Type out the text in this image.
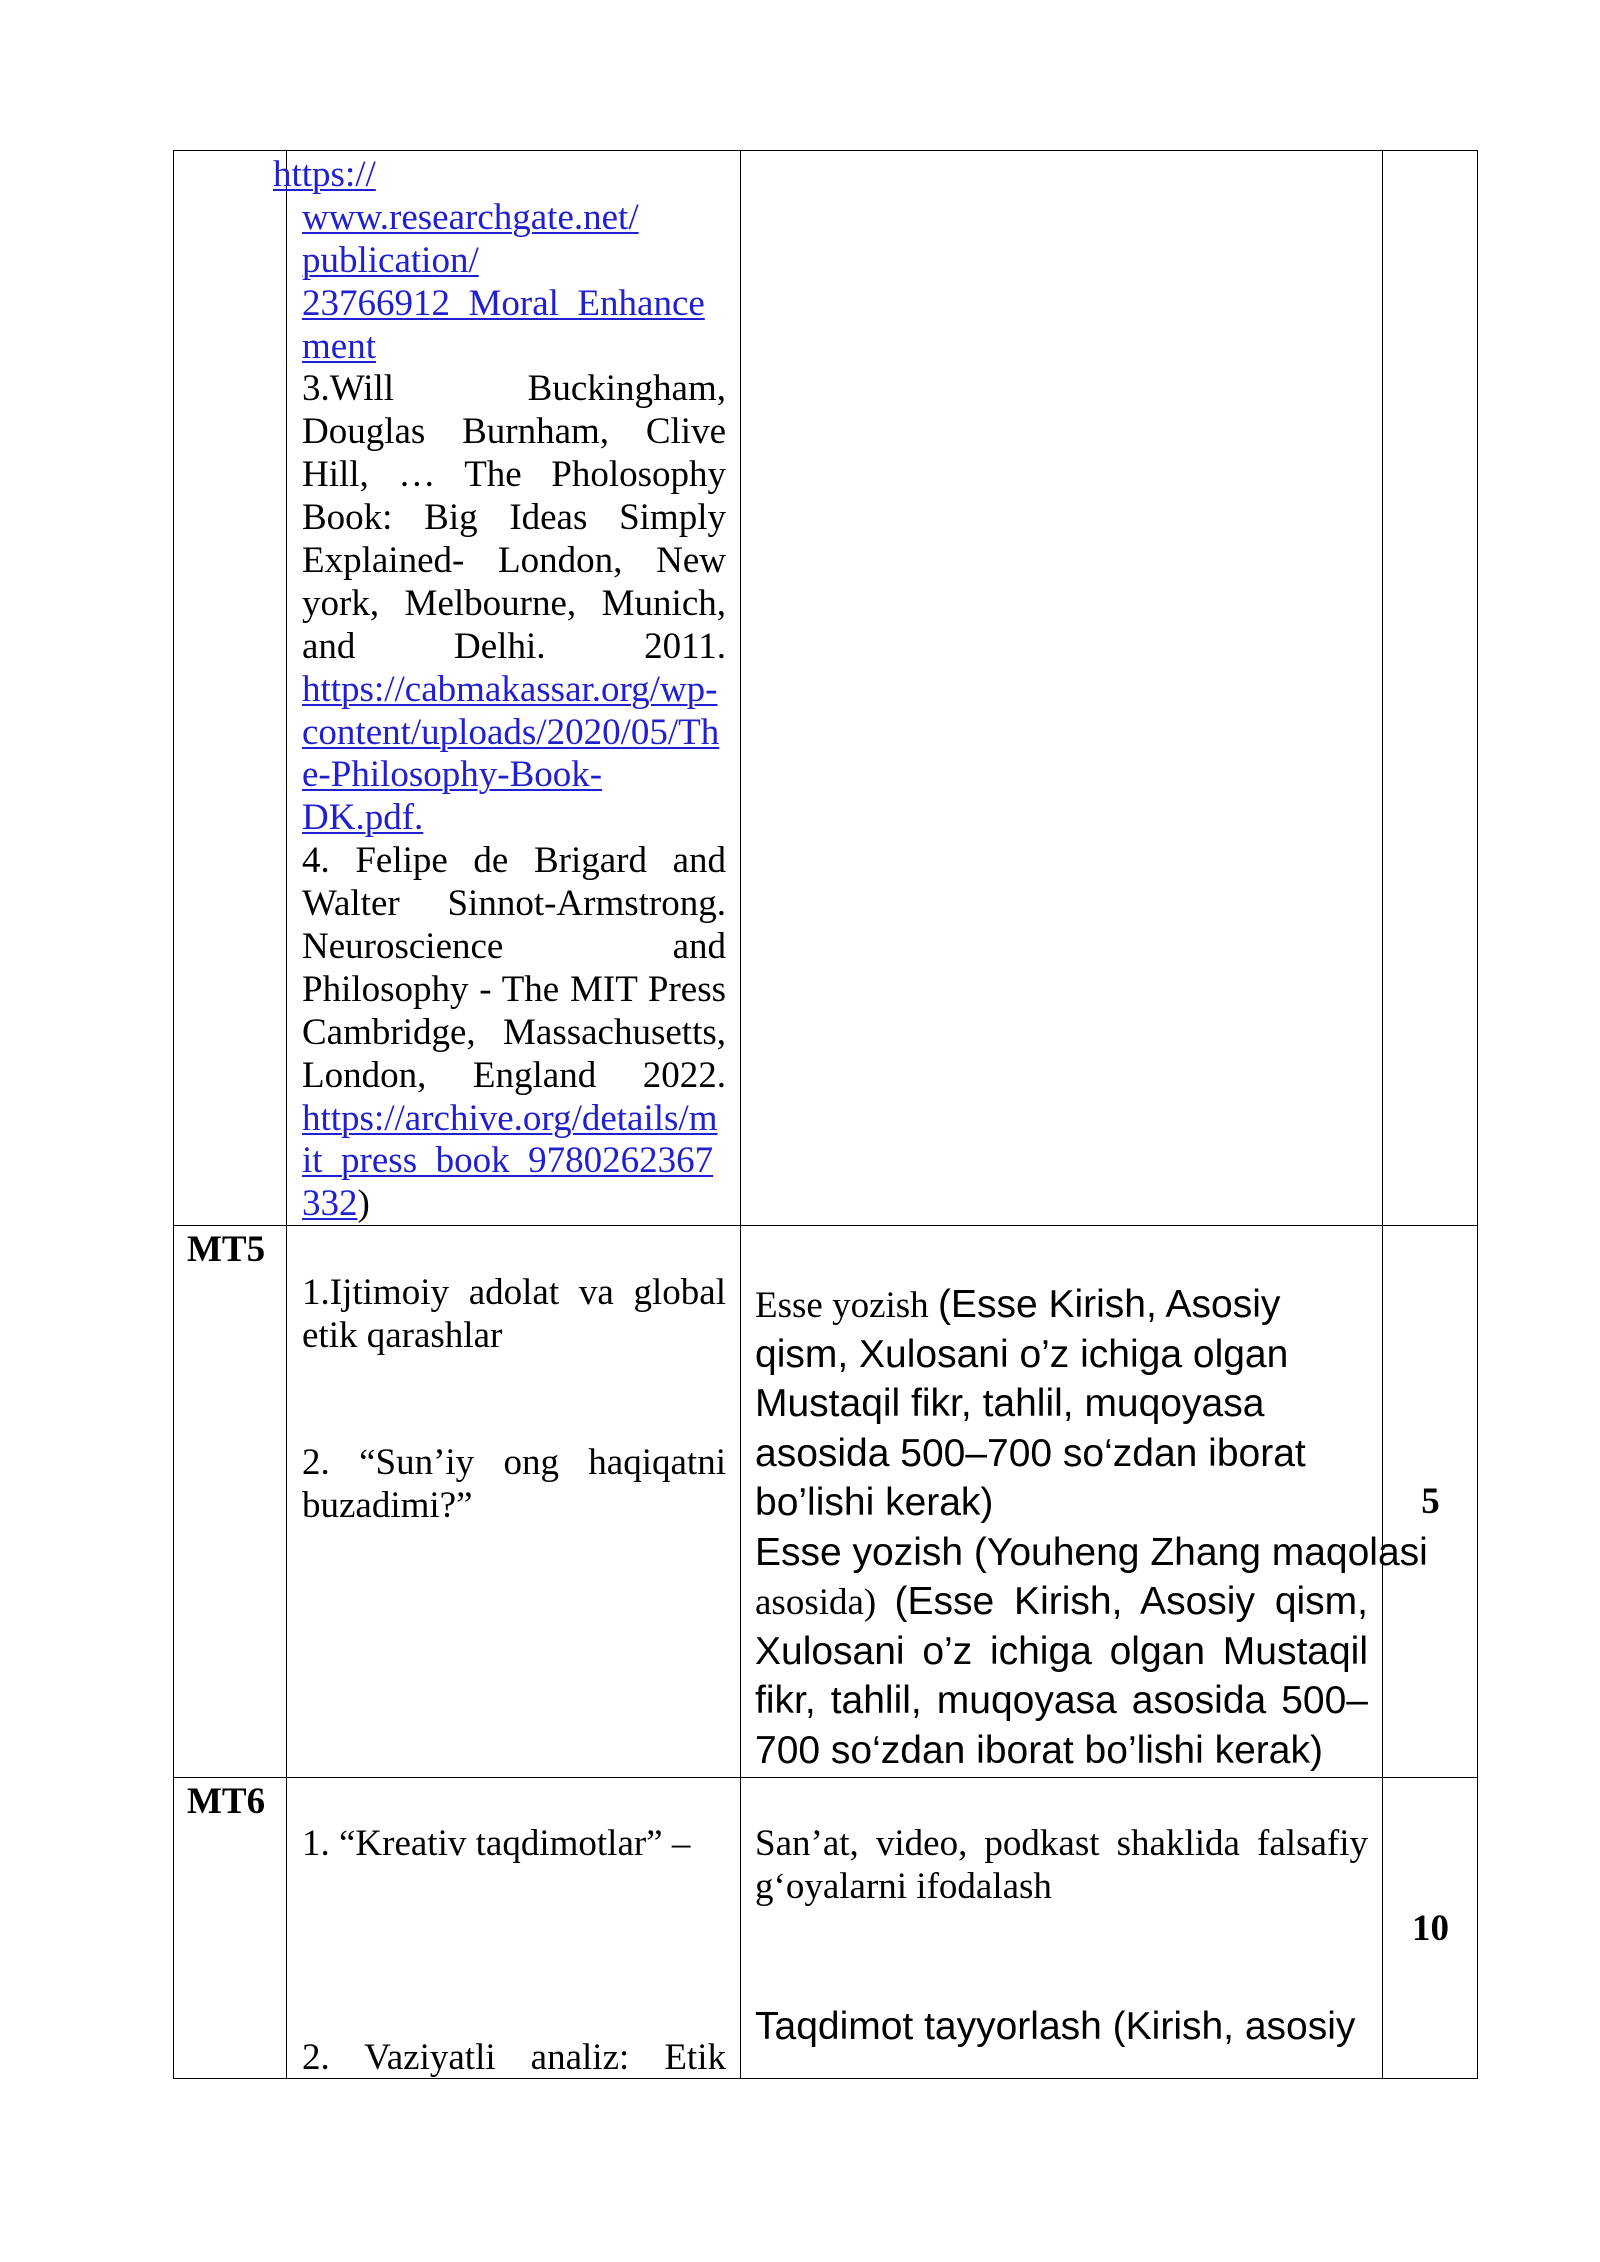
https://
www.researchgate.net/
publication/
23766912_Moral_Enhance
ment
3.Will Buckingham,
Douglas Burnham, Clive
Hill, … The Pholosophy
Book: Big Ideas Simply
Explained- London, New
york, Melbourne, Munich,
and Delhi. 2011.
https://cabmakassar.org/wp-
content/uploads/2020/05/Th
e-Philosophy-Book-
DK.pdf.
4. Felipe de Brigard and
Walter Sinnot-Armstrong.
Neuroscience and
Philosophy - The MIT Press
Cambridge, Massachusetts,
London, England 2022.
https://archive.org/details/m
it_press_book_9780262367
332)
MT5
1.Ijtimoiy adolat va global
etik qarashlar
2. “Sun’iy ong haqiqatni
buzadimi?”
Esse yozish (Esse Kirish, Asosiy
qism, Xulosani o’z ichiga olgan
Mustaqil fikr, tahlil, muqoyasa
asosida 500–700 so‘zdan iborat
bo’lishi kerak)
Esse yozish (Youheng Zhang maqolasi
asosida) (Esse Kirish, Asosiy qism,
Xulosani o’z ichiga olgan Mustaqil
fikr, tahlil, muqoyasa asosida 500–
700 so‘zdan iborat bo’lishi kerak)
5
MT6
1. “Kreativ taqdimotlar” –
2. Vaziyatli analiz: Etik
San’at, video, podkast shaklida falsafiy
g‘oyalarni ifodalash
Taqdimot tayyorlash (Kirish, asosiy
10
